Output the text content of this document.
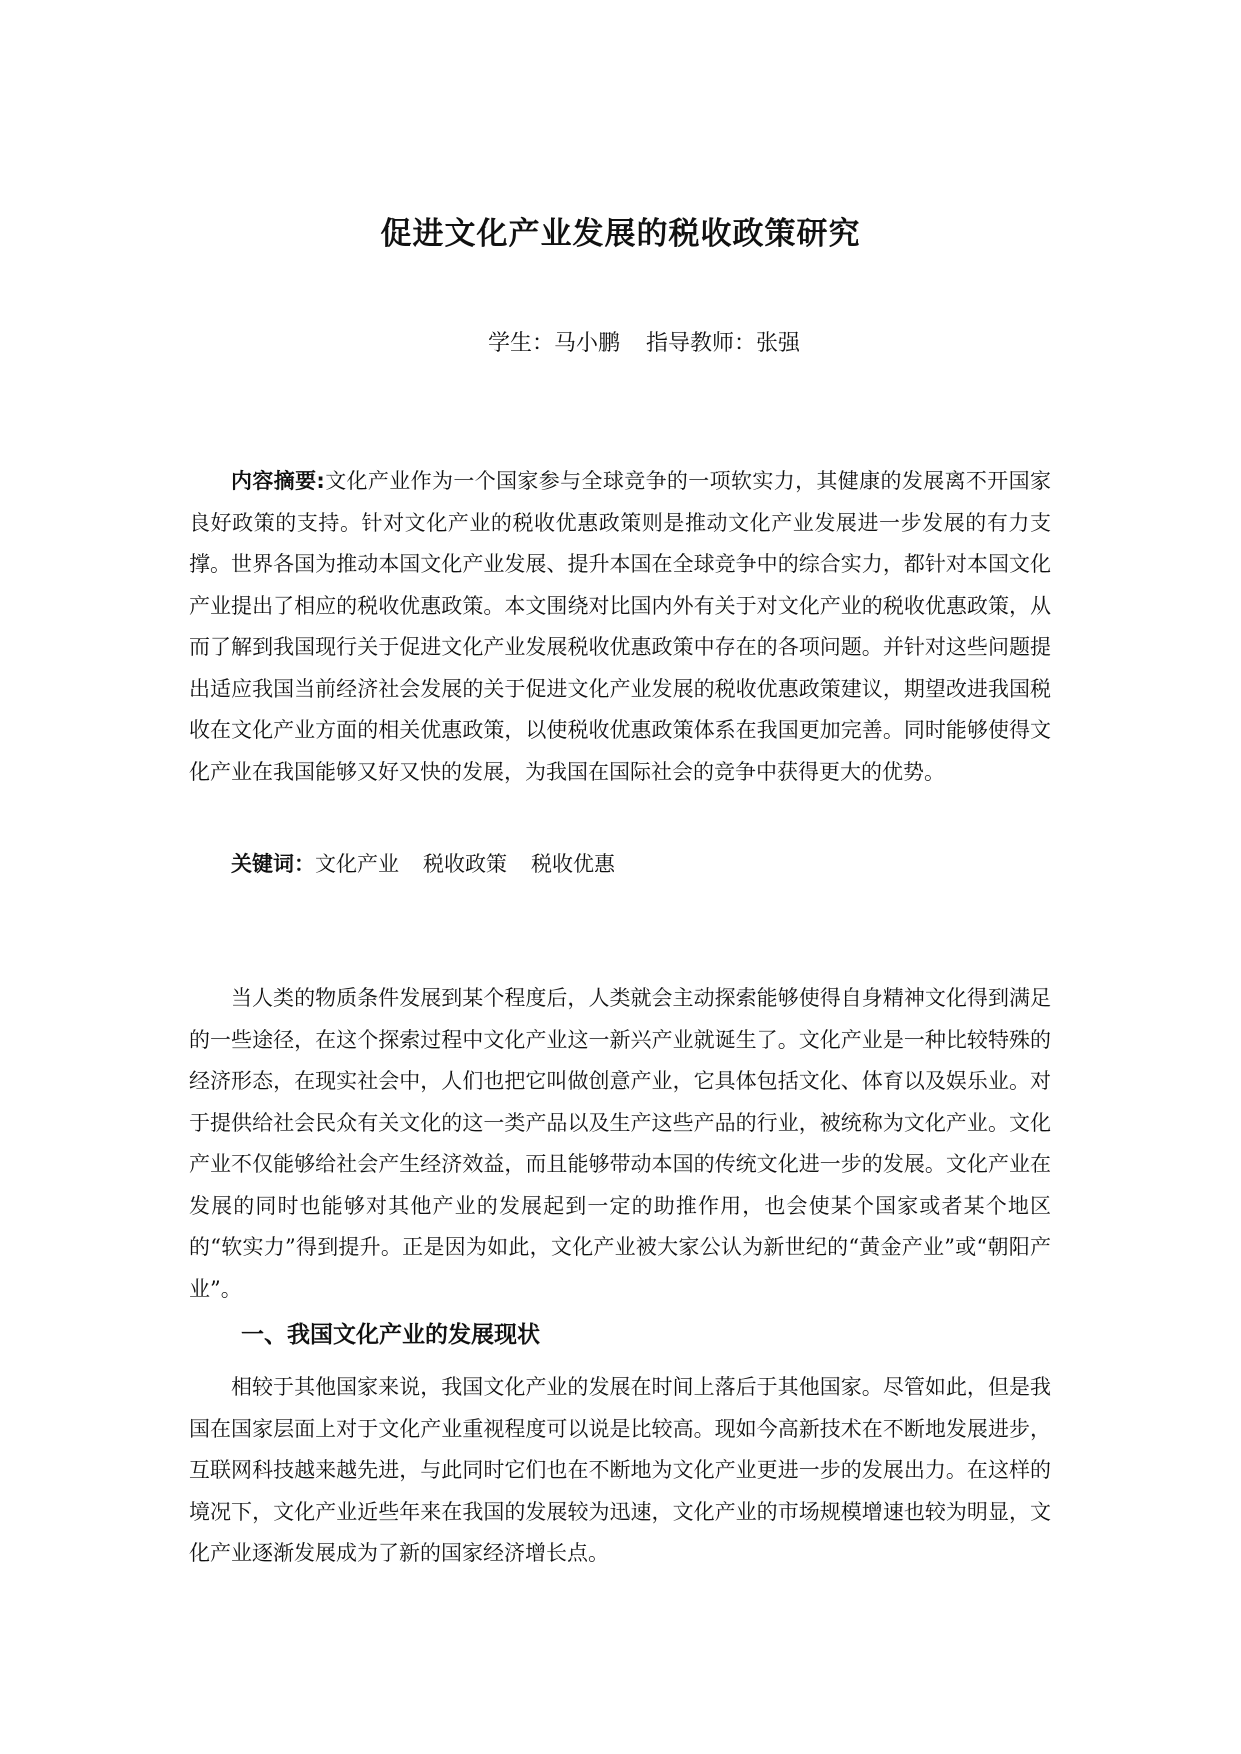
促进文化产业发展的税收政策研究
学生：马小鹏 指导教师：张强

内容摘要:文化产业作为一个国家参与全球竞争的一项软实力，其健康的发展离不开国家良好政策的支持。针对文化产业的税收优惠政策则是推动文化产业发展进一步发展的有力支撑。世界各国为推动本国文化产业发展、提升本国在全球竞争中的综合实力，都针对本国文化产业提出了相应的税收优惠政策。本文围绕对比国内外有关于对文化产业的税收优惠政策，从而了解到我国现行关于促进文化产业发展税收优惠政策中存在的各项问题。并针对这些问题提出适应我国当前经济社会发展的关于促进文化产业发展的税收优惠政策建议，期望改进我国税收在文化产业方面的相关优惠政策，以使税收优惠政策体系在我国更加完善。同时能够使得文化产业在我国能够又好又快的发展，为我国在国际社会的竞争中获得更大的优势。

关键词：文化产业 税收政策 税收优惠

当人类的物质条件发展到某个程度后，人类就会主动探索能够使得自身精神文化得到满足的一些途径，在这个探索过程中文化产业这一新兴产业就诞生了。文化产业是一种比较特殊的经济形态，在现实社会中，人们也把它叫做创意产业，它具体包括文化、体育以及娱乐业。对于提供给社会民众有关文化的这一类产品以及生产这些产品的行业，被统称为文化产业。文化产业不仅能够给社会产生经济效益，而且能够带动本国的传统文化进一步的发展。文化产业在发展的同时也能够对其他产业的发展起到一定的助推作用，也会使某个国家或者某个地区的“软实力”得到提升。正是因为如此，文化产业被大家公认为新世纪的“黄金产业”或“朝阳产业”。

一、我国文化产业的发展现状

相较于其他国家来说，我国文化产业的发展在时间上落后于其他国家。尽管如此，但是我国在国家层面上对于文化产业重视程度可以说是比较高。现如今高新技术在不断地发展进步，互联网科技越来越先进，与此同时它们也在不断地为文化产业更进一步的发展出力。在这样的境况下，文化产业近些年来在我国的发展较为迅速，文化产业的市场规模增速也较为明显，文化产业逐渐发展成为了新的国家经济增长点。
